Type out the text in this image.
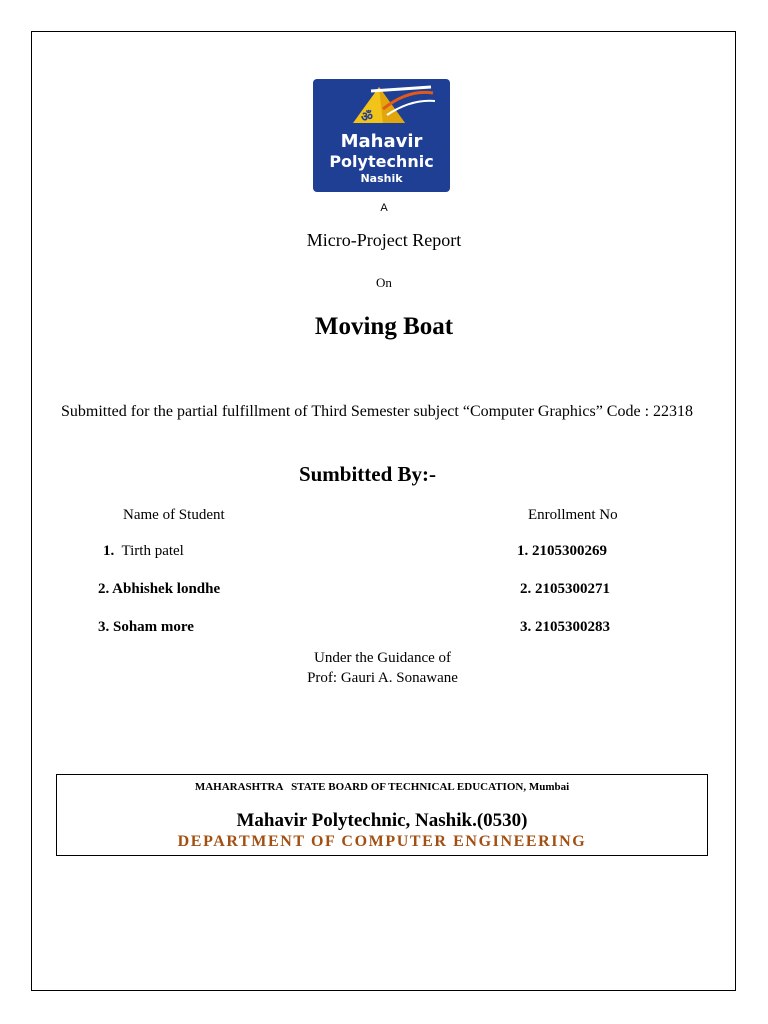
ॐ
Mahavir
Polytechnic
Nashik
A
Micro-Project Report
On
Moving Boat
Submitted for the partial fulfillment of Third Semester subject “Computer Graphics” Code : 22318
Sumbitted By:-
Name of Student	Enrollment No
1. Tirth patel	1. 2105300269
2. Abhishek londhe	2. 2105300271
3. Soham more	3. 2105300283
Under the Guidance of
Prof: Gauri A. Sonawane
MAHARASHTRA   STATE BOARD OF TECHNICAL EDUCATION, Mumbai
Mahavir Polytechnic, Nashik.(0530)
DEPARTMENT OF COMPUTER ENGINEERING
